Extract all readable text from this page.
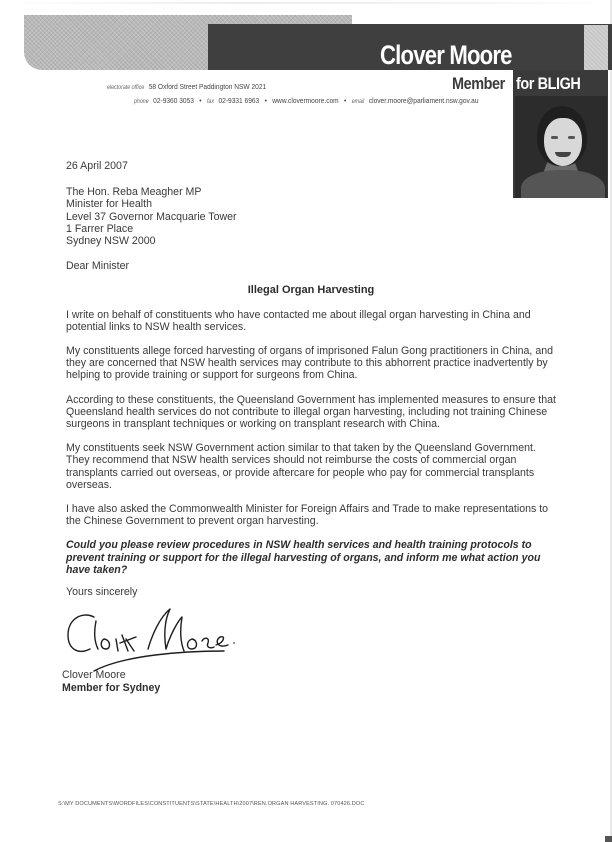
Clover Moore
Member for BLIGH
electorate office 58 Oxford Street Paddington NSW 2021
phone 02-9360 3053 • fax 02-9331 6963 • www.clovermoore.com • email clover.moore@parliament.nsw.gov.au
26 April 2007
The Hon. Reba Meagher MP
Minister for Health
Level 37 Governor Macquarie Tower
1 Farrer Place
Sydney NSW 2000
Dear Minister
Illegal Organ Harvesting

I write on behalf of constituents who have contacted me about illegal organ harvesting in China and potential links to NSW health services.

My constituents allege forced harvesting of organs of imprisoned Falun Gong practitioners in China, and they are concerned that NSW health services may contribute to this abhorrent practice inadvertently by helping to provide training or support for surgeons from China.

According to these constituents, the Queensland Government has implemented measures to ensure that Queensland health services do not contribute to illegal organ harvesting, including not training Chinese surgeons in transplant techniques or working on transplant research with China.

My constituents seek NSW Government action similar to that taken by the Queensland Government. They recommend that NSW health services should not reimburse the costs of commercial organ transplants carried out overseas, or provide aftercare for people who pay for commercial transplants overseas.

I have also asked the Commonwealth Minister for Foreign Affairs and Trade to make representations to the Chinese Government to prevent organ harvesting.

Could you please review procedures in NSW health services and health training protocols to prevent training or support for the illegal harvesting of organs, and inform me what action you have taken?

Yours sincerely

Clover Moore
Member for Sydney
S:\MY DOCUMENTS\WORDFILES\CONSTITUENTS\STATE\HEALTH\2007\REN.ORGAN HARVESTING. 070426.DOC
